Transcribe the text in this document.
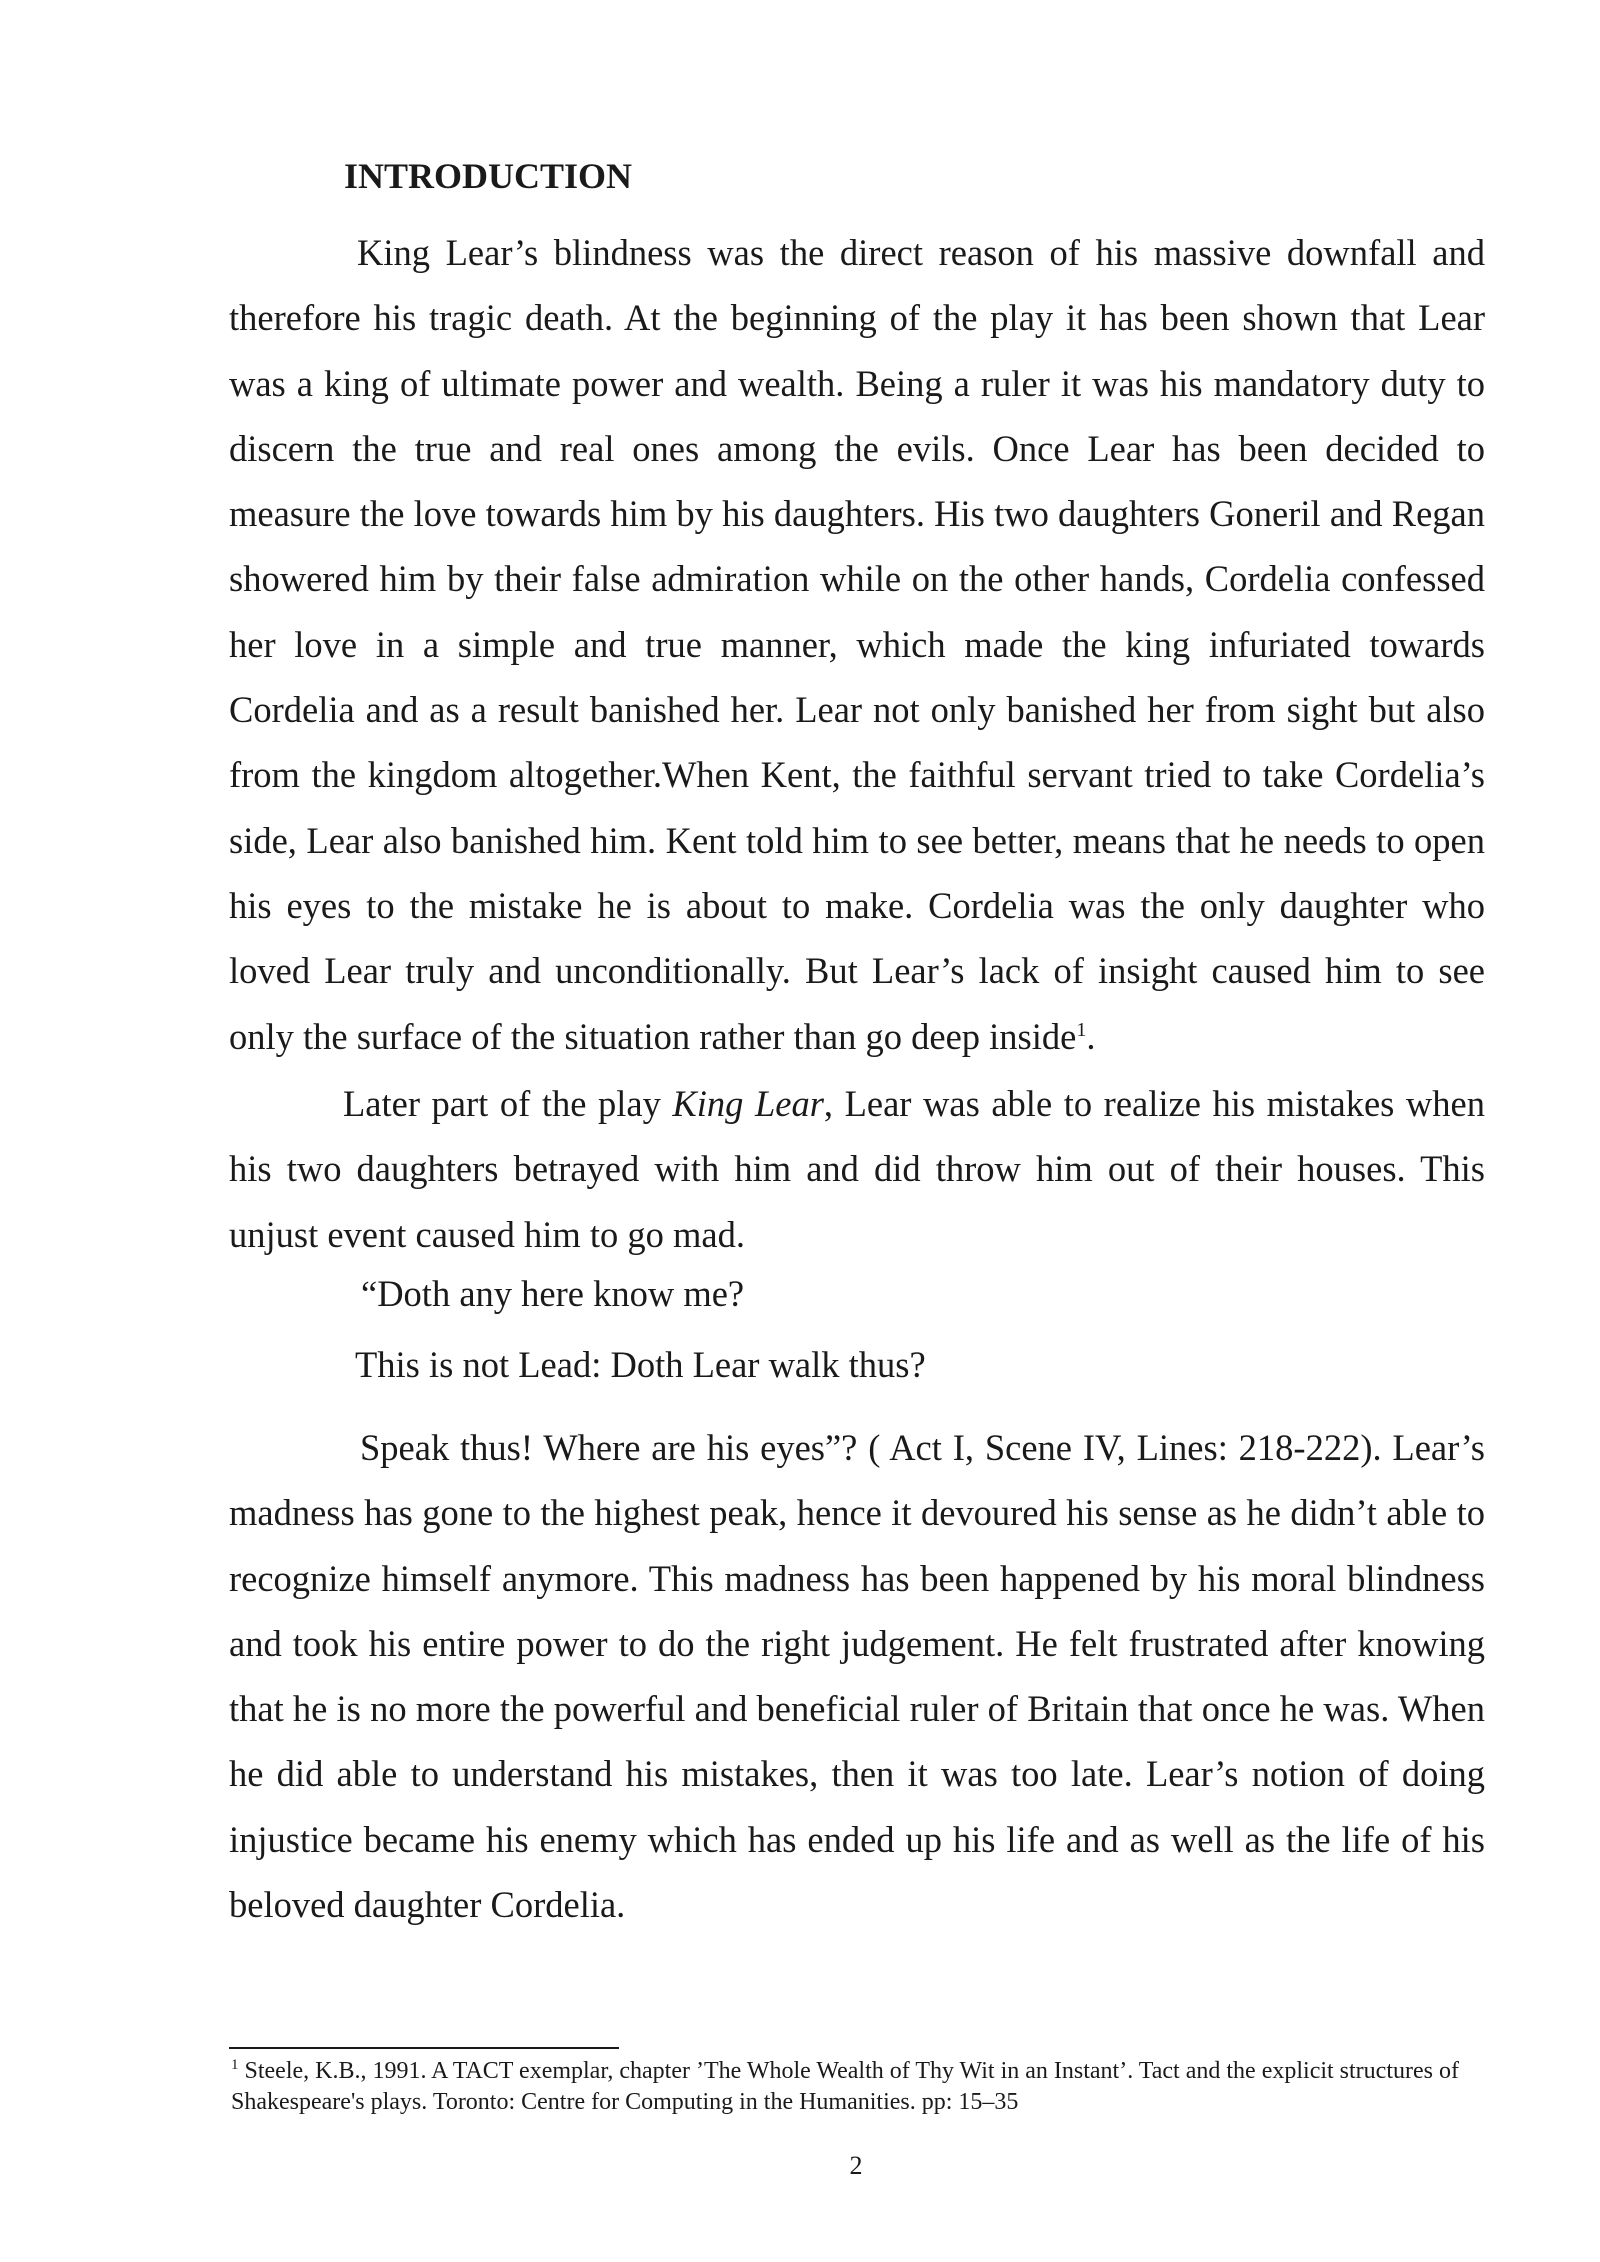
INTRODUCTION

King Lear’s blindness was the direct reason of his massive downfall and therefore his tragic death. At the beginning of the play it has been shown that Lear was a king of ultimate power and wealth. Being a ruler it was his mandatory duty to discern the true and real ones among the evils. Once Lear has been decided to measure the love towards him by his daughters. His two daughters Goneril and Regan showered him by their false admiration while on the other hands, Cordelia confessed her love in a simple and true manner, which made the king infuriated towards Cordelia and as a result banished her. Lear not only banished her from sight but also from the kingdom altogether.When Kent, the faithful servant tried to take Cordelia’s side, Lear also banished him. Kent told him to see better, means that he needs to open his eyes to the mistake he is about to make. Cordelia was the only daughter who loved Lear truly and unconditionally. But Lear’s lack of insight caused him to see only the surface of the situation rather than go deep inside$^1$.

Later part of the play King Lear, Lear was able to realize his mistakes when his two daughters betrayed with him and did throw him out of their houses. This unjust event caused him to go mad.

“Doth any here know me?

This is not Lead: Doth Lear walk thus?

Speak thus! Where are his eyes”? ( Act I, Scene IV, Lines: 218-222). Lear’s madness has gone to the highest peak, hence it devoured his sense as he didn’t able to recognize himself anymore. This madness has been happened by his moral blindness and took his entire power to do the right judgement. He felt frustrated after knowing that he is no more the powerful and beneficial ruler of Britain that once he was. When he did able to understand his mistakes, then it was too late. Lear’s notion of doing injustice became his enemy which has ended up his life and as well as the life of his beloved daughter Cordelia.

$^1$ Steele, K.B., 1991. A TACT exemplar, chapter ’The Whole Wealth of Thy Wit in an Instant’. Tact and the explicit structures of Shakespeare's plays. Toronto: Centre for Computing in the Humanities. pp: 15–35

2
